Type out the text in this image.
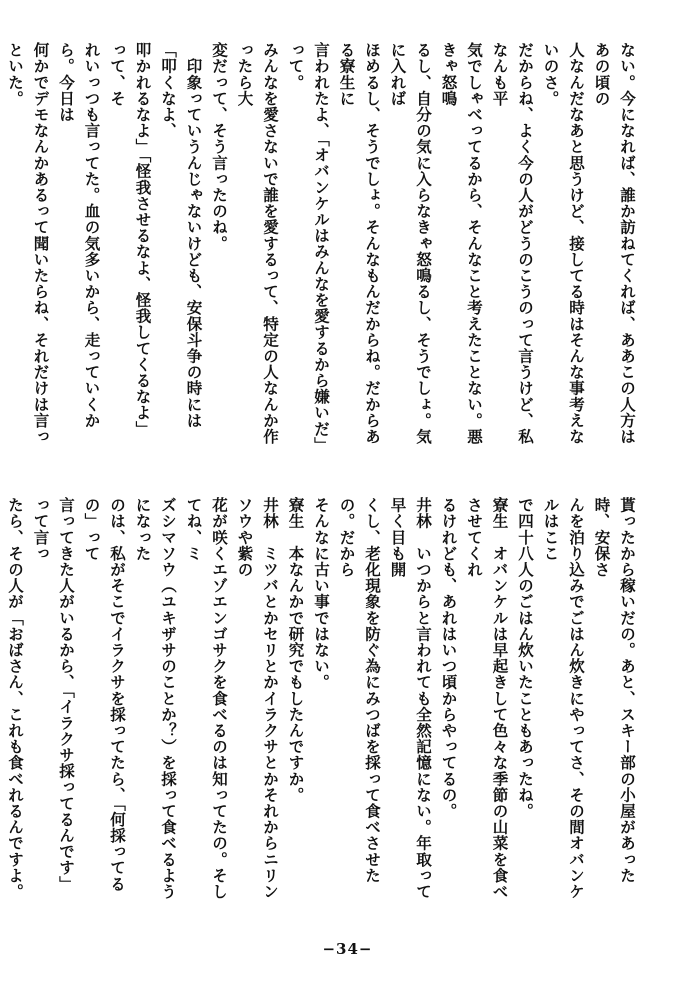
ない。今になれば、誰か訪ねてくれば、ああこの人方はあの頃の
人なんだなあと思うけど、接してる時はそんな事考えないのさ。
だからね、よく今の人がどうのこうのって言うけど、私なんも平
気でしゃべってるから、そんなこと考えたことない。悪きゃ怒鳴
るし、自分の気に入らなきゃ怒鳴るし、そうでしょ。気に入れば
ほめるし、そうでしょ。そんなもんだからね。だからある寮生に
言われたよ、「オバンケルはみんなを愛するから嫌いだ」って。
みんなを愛さないで誰を愛するって、特定の人なんか作ったら大
変だって、そう言ったのね。
　印象っていうんじゃないけども、安保斗争の時には「叩くなよ、
叩かれるなよ」「怪我させるなよ、怪我してくるなよ」って、そ
れいっつも言ってた。血の気多いから、走っていくから。今日は
何かでデモなんかあるって聞いたらね、それだけは言っといた。
貰ったから稼いだの。あと、スキー部の小屋があった時、安保さ
んを泊り込みでごはん炊きにやってさ、その間オバンケルはここ
で四十八人のごはん炊いたこともあったね。
寮生　オバンケルは早起きして色々な季節の山菜を食べさせてくれ
るけれども、あれはいつ頃からやってるの。
井林　いつからと言われても全然記憶にない。年取って早く目も開
くし、老化現象を防ぐ為にみつばを採って食べさせたの。だから
そんなに古い事ではない。
寮生　本なんかで研究でもしたんですか。
井林　ミツバとかセリとかイラクサとかそれからニリンソウや紫の
花が咲くエゾエンゴサクを食べるのは知ってたの。そしてね、ミ
ズシマソウ（ユキザサのことか？）を採って食べるようになった
のは、私がそこでイラクサを採ってたら、「何採ってるの」って
言ってきた人がいるから、「イラクサ採ってるんです」って言っ
たら、その人が「おばさん、これも食べれるんですよ。
−34−
